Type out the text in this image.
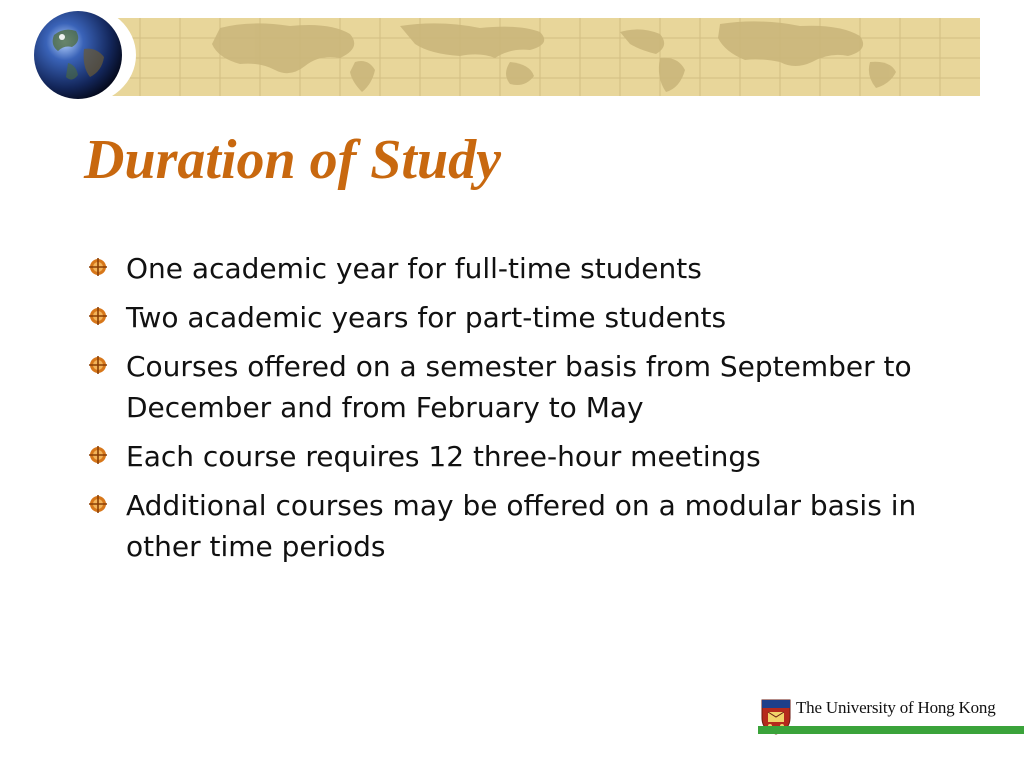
Duration of Study
One academic year for full-time students
Two academic years for part-time students
Courses offered on a semester basis from September to December and from February to May
Each course requires 12 three-hour meetings
Additional courses may be offered on a modular basis in other time periods
The University of Hong Kong
